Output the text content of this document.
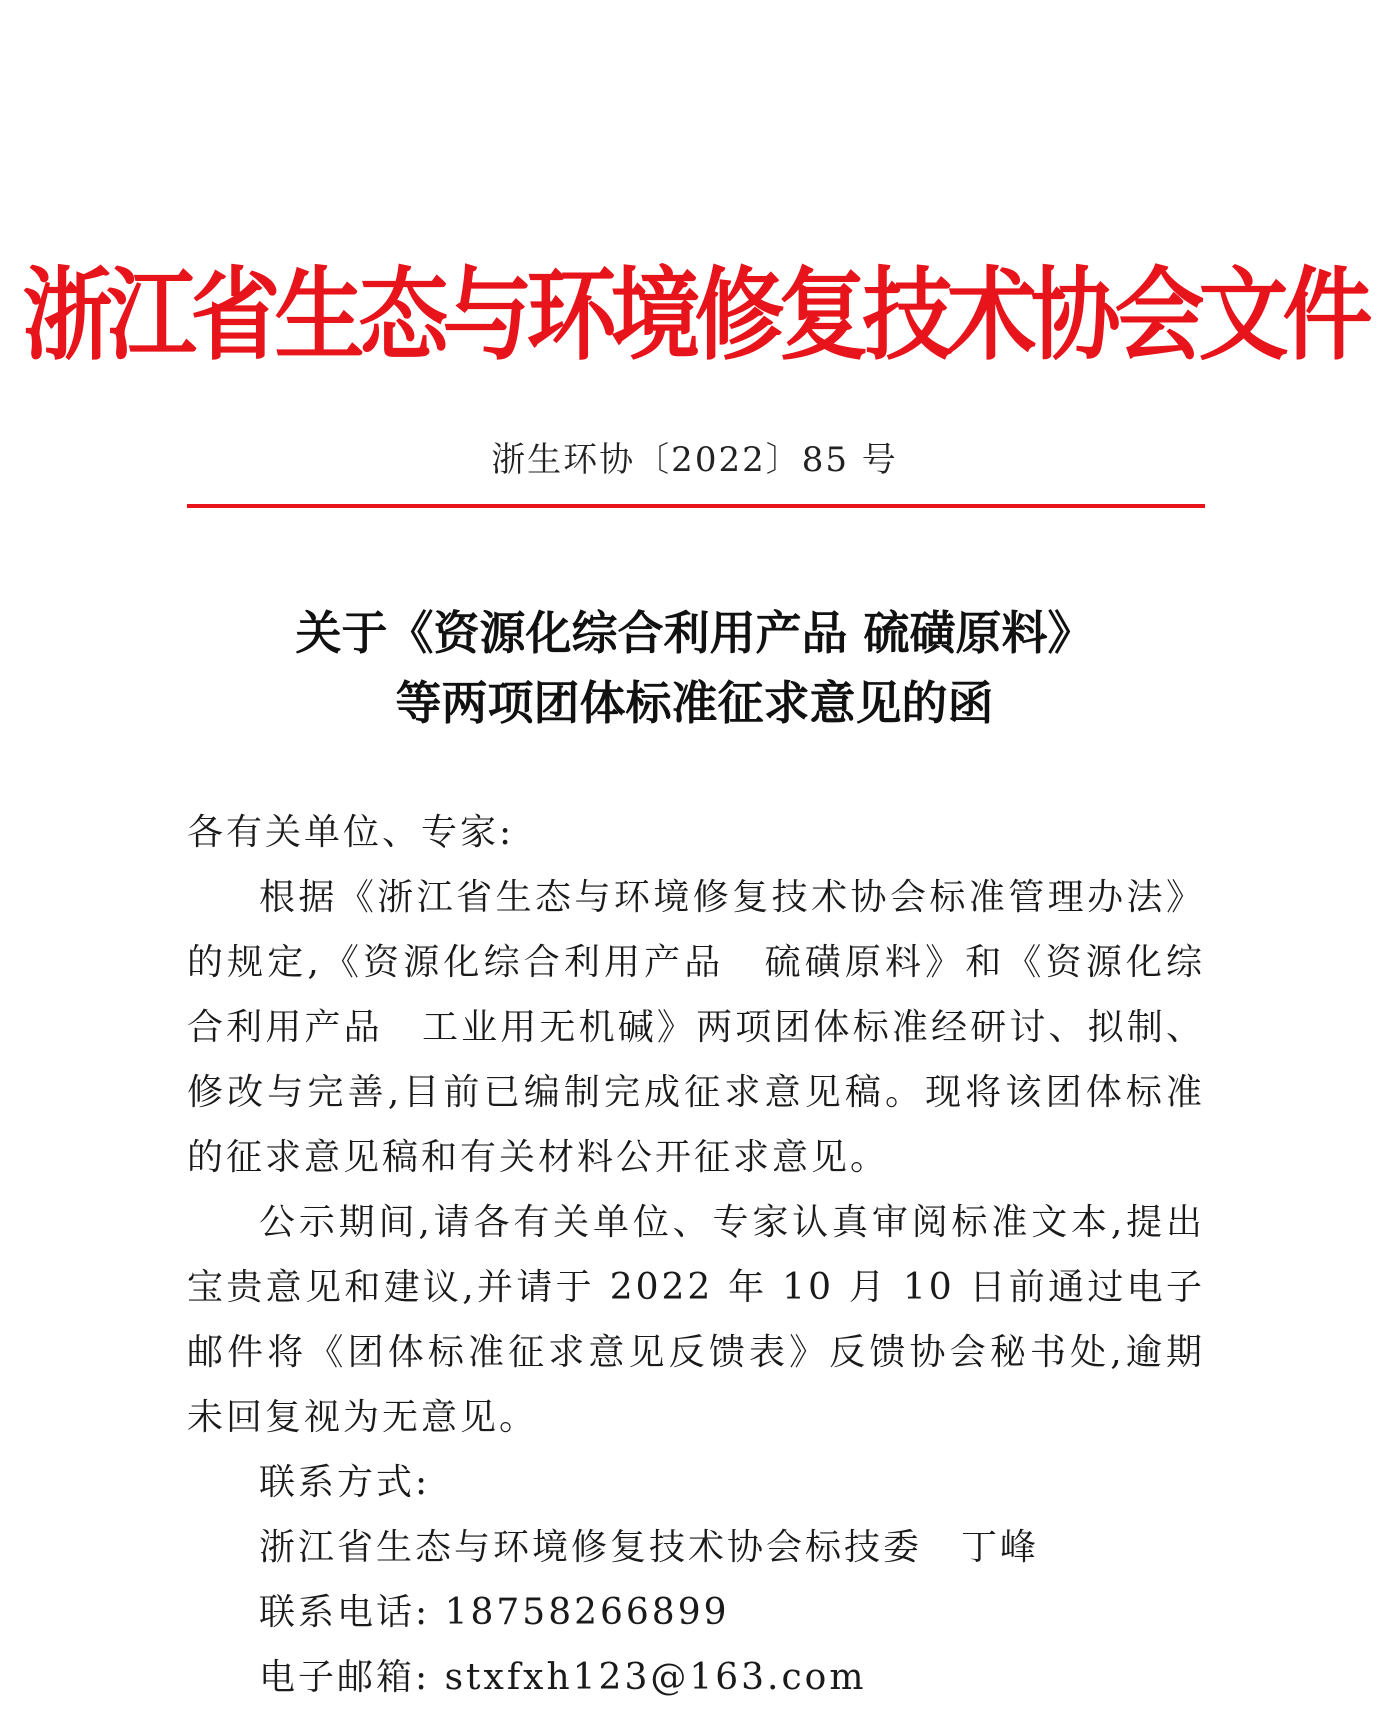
浙江省生态与环境修复技术协会文件
浙生环协〔2022〕85 号
关于《资源化综合利用产品 硫磺原料》
等两项团体标准征求意见的函

各有关单位、专家:

根据《浙江省生态与环境修复技术协会标准管理办法》的规定,《资源化综合利用产品　硫磺原料》和《资源化综合利用产品　工业用无机碱》两项团体标准经研讨、拟制、修改与完善,目前已编制完成征求意见稿。现将该团体标准的征求意见稿和有关材料公开征求意见。

公示期间,请各有关单位、专家认真审阅标准文本,提出宝贵意见和建议,并请于 2022 年 10 月 10 日前通过电子邮件将《团体标准征求意见反馈表》反馈协会秘书处,逾期未回复视为无意见。

联系方式:

浙江省生态与环境修复技术协会标技委　丁峰

联系电话: 18758266899

电子邮箱: stxfxh123@163.com
